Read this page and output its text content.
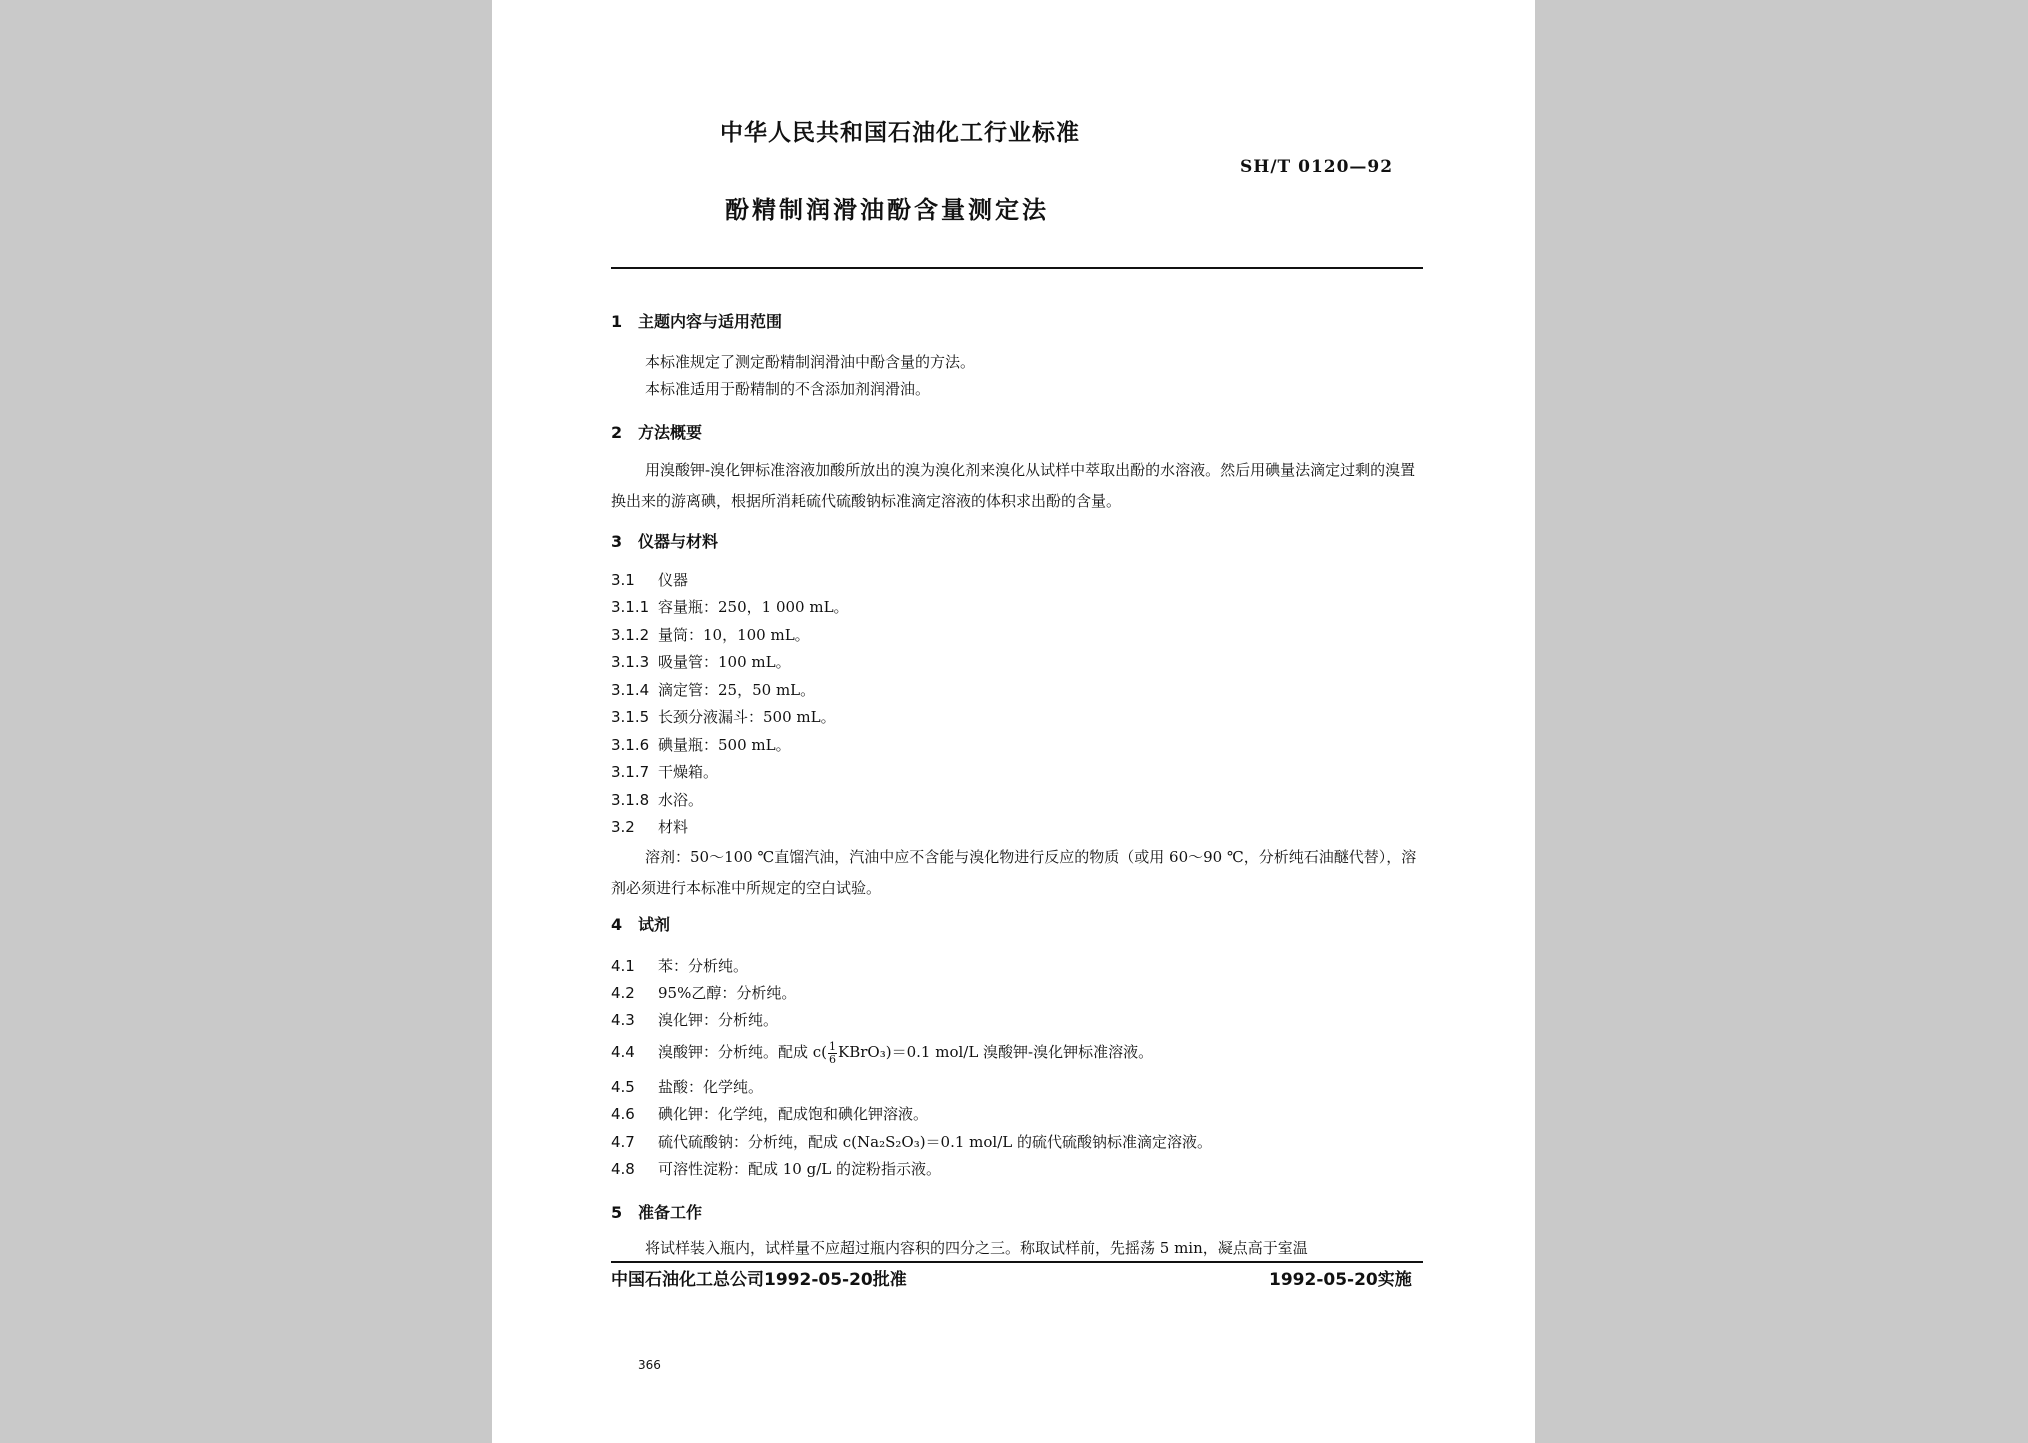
中华人民共和国石油化工行业标准
SH/T 0120—92
酚精制润滑油酚含量测定法
1 主题内容与适用范围
本标准规定了测定酚精制润滑油中酚含量的方法。
本标准适用于酚精制的不含添加剂润滑油。
2 方法概要
用溴酸钾-溴化钾标准溶液加酸所放出的溴为溴化剂来溴化从试样中萃取出酚的水溶液。然后用碘量法滴定过剩的溴置换出来的游离碘，根据所消耗硫代硫酸钠标准滴定溶液的体积求出酚的含量。
3 仪器与材料
3.1 仪器
3.1.1 容量瓶：250，1 000 mL。
3.1.2 量筒：10，100 mL。
3.1.3 吸量管：100 mL。
3.1.4 滴定管：25，50 mL。
3.1.5 长颈分液漏斗：500 mL。
3.1.6 碘量瓶：500 mL。
3.1.7 干燥箱。
3.1.8 水浴。
3.2 材料
溶剂：50～100 ℃直馏汽油，汽油中应不含能与溴化物进行反应的物质（或用 60～90 ℃，分析纯石油醚代替），溶剂必须进行本标准中所规定的空白试验。
4 试剂
4.1 苯：分析纯。
4.2 95%乙醇：分析纯。
4.3 溴化钾：分析纯。
4.4 溴酸钾：分析纯。配成 $c( \frac{1}{6}$ KBrO₃)＝0.1 mol/L 溴酸钾-溴化钾标准溶液。
4.5 盐酸：化学纯。
4.6 碘化钾：化学纯，配成饱和碘化钾溶液。
4.7 硫代硫酸钠：分析纯，配成 c(Na₂S₂O₃)＝0.1 mol/L 的硫代硫酸钠标准滴定溶液。
4.8 可溶性淀粉：配成 10 g/L 的淀粉指示液。
5 准备工作
将试样装入瓶内，试样量不应超过瓶内容积的四分之三。称取试样前，先摇荡 5 min，凝点高于室温
中国石油化工总公司1992-05-20批准	1992-05-20实施
366
